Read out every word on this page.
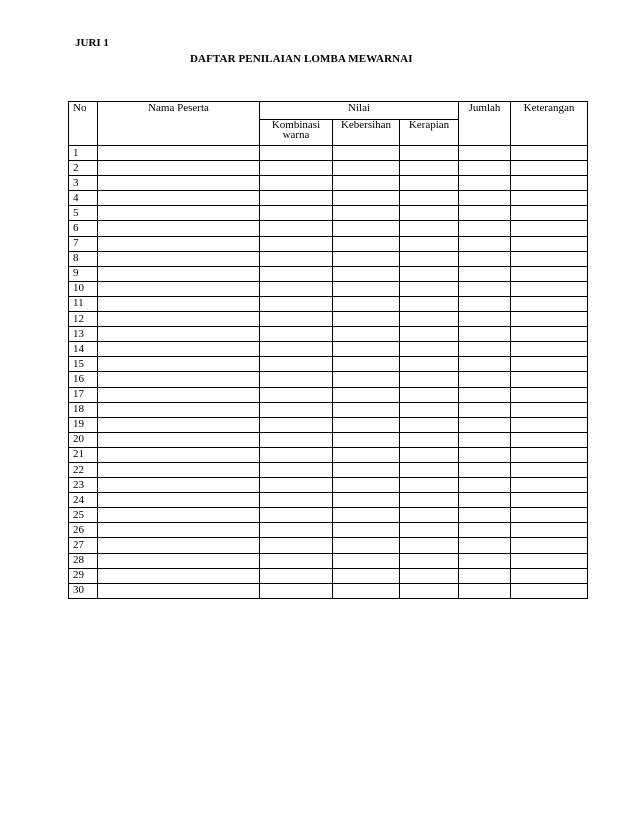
JURI 1
DAFTAR PENILAIAN LOMBA MEWARNAI
No	Nama Peserta	Nilai			Jumlah	Keterangan
		Kombinasi warna	Kebersihan	Kerapian		
1						
2						
3						
4						
5						
6						
7						
8						
9						
10						
11						
12						
13						
14						
15						
16						
17						
18						
19						
20						
21						
22						
23						
24						
25						
26						
27						
28						
29						
30						
